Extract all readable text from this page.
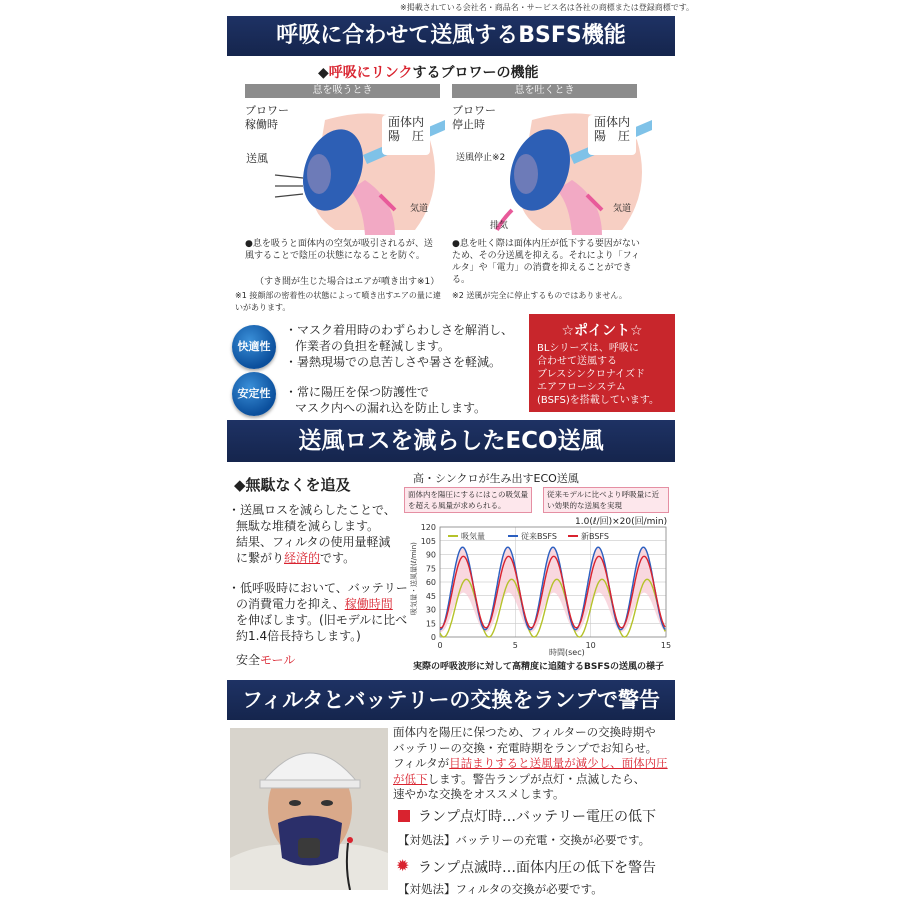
※掲載されている会社名・商品名・サービス名は各社の商標または登録商標です。
呼吸に合わせて送風するBSFS機能
◆呼吸にリンクするブロワーの機能
息を吸うとき
ブロワー 稼働時
送風
面体内 陽　圧
気道
●息を吸うと面体内の空気が吸引されるが、送風することで陰圧の状態になることを防ぐ。
（すき間が生じた場合はエアが噴き出す※1）
※1 接顔部の密着性の状態によって噴き出すエアの量に違いがあります。
息を吐くとき
ブロワー 停止時
送風停止※2
面体内 陽　圧
気道
排気
●息を吐く際は面体内圧が低下する要因がないため、その分送風を抑える。それにより「フィルタ」や「電力」の消費を抑えることができる。
※2 送風が完全に停止するものではありません。
快適性
・マスク着用時のわずらわしさを解消し、
作業者の負担を軽減します。
・暑熱現場での息苦しさや暑さを軽減。
安定性	・常に陽圧を保つ防護性で
マスク内への漏れ込を防止します。
☆ポイント☆
BLシリーズは、呼吸に
合わせて送風する
ブレスシンクロナイズド
エアフローシステム
(BSFS)を搭載しています。
送風ロスを減らしたECO送風
◆無駄なくを追及
・送風ロスを減らしたことで、
無駄な堆積を減らします。
結果、フィルタの使用量軽減
に繋がり経済的です。
・低呼吸時において、バッテリー
の消費電力を抑え、稼働時間
を伸ばします。(旧モデルに比べ
約1.4倍長持ちします。)
安全モール
高・シンクロが生み出すECO送風
面体内を陽圧にするにはこの吸気量を超える風量が求められる。
従来モデルに比べより呼吸量に近い効果的な送風を実現
1.0(ℓ/回)×20(回/min)
吸気量・送風量(ℓ/min)
0
15
30
45
60
75
90
105
120
0	5	10	15
吸気量	従来BSFS	新BSFS
時間(sec)
実際の呼吸波形に対して高精度に追随するBSFSの送風の様子
フィルタとバッテリーの交換をランプで警告
面体内を陽圧に保つため、フィルターの交換時期や
バッテリーの交換・充電時期をランプでお知らせ。
フィルタが目詰まりすると送風量が減少し、面体内圧
が低下します。警告ランプが点灯・点滅したら、
速やかな交換をオススメします。
ランプ点灯時…バッテリー電圧の低下
【対処法】バッテリーの充電・交換が必要です。
✹ ランプ点滅時…面体内圧の低下を警告
【対処法】フィルタの交換が必要です。
